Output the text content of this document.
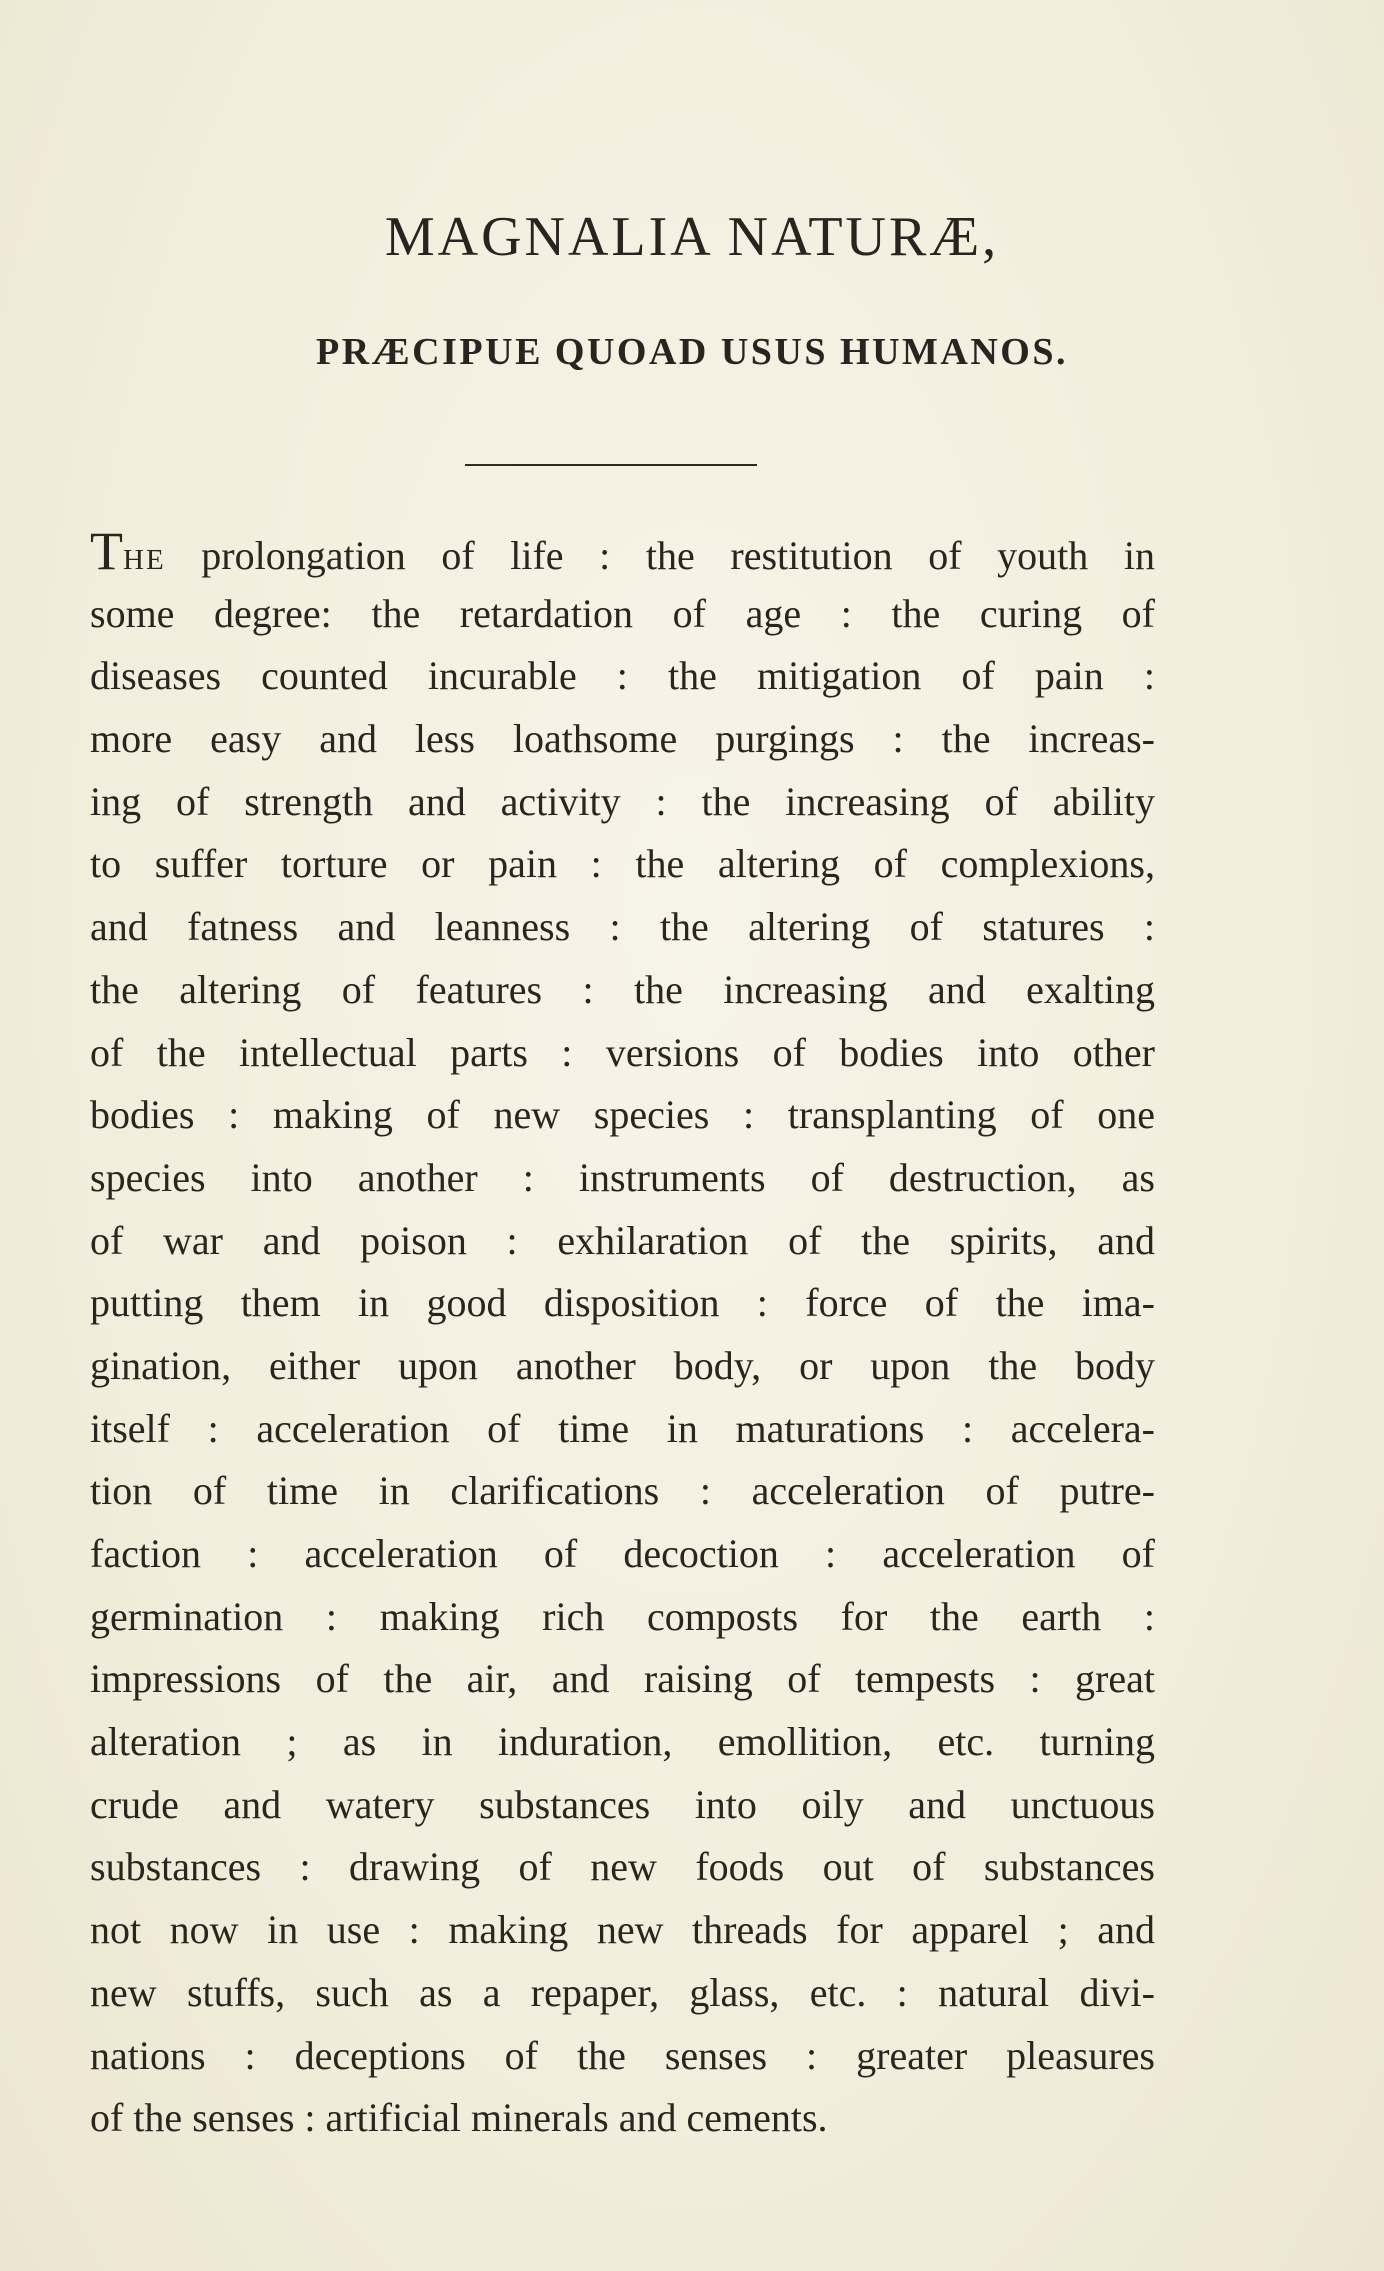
MAGNALIA NATURÆ,
PRÆCIPUE QUOAD USUS HUMANOS.
THE prolongation of life : the restitution of youth in
some degree: the retardation of age : the curing of
diseases counted incurable : the mitigation of pain :
more easy and less loathsome purgings : the increas-
ing of strength and activity : the increasing of ability
to suffer torture or pain : the altering of complexions,
and fatness and leanness : the altering of statures :
the altering of features : the increasing and exalting
of the intellectual parts : versions of bodies into other
bodies : making of new species : transplanting of one
species into another : instruments of destruction, as
of war and poison : exhilaration of the spirits, and
putting them in good disposition : force of the ima-
gination, either upon another body, or upon the body
itself : acceleration of time in maturations : accelera-
tion of time in clarifications : acceleration of putre-
faction : acceleration of decoction : acceleration of
germination : making rich composts for the earth :
impressions of the air, and raising of tempests : great
alteration ; as in induration, emollition, etc. turning
crude and watery substances into oily and unctuous
substances : drawing of new foods out of substances
not now in use : making new threads for apparel ; and
new stuffs, such as a repaper, glass, etc. : natural divi-
nations : deceptions of the senses : greater pleasures
of the senses : artificial minerals and cements.
